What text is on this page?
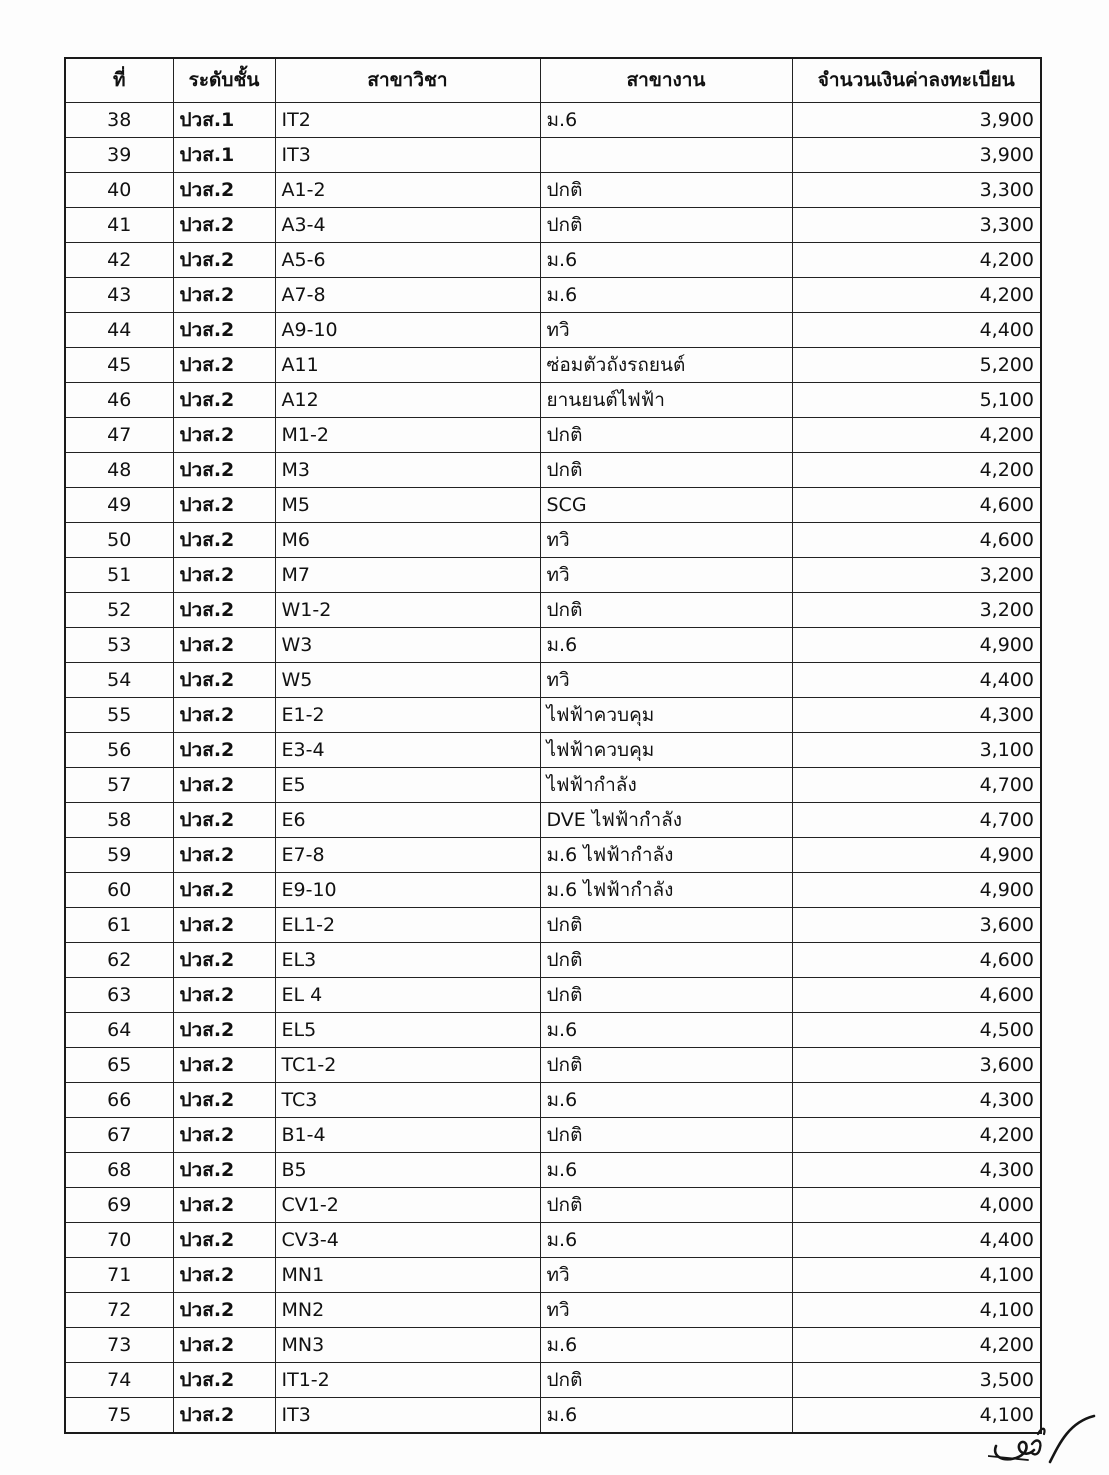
ที่	ระดับชั้น	สาขาวิชา	สาขางาน	จำนวนเงินค่าลงทะเบียน
38	ปวส.1	IT2	ม.6	3,900
39	ปวส.1	IT3		3,900
40	ปวส.2	A1-2	ปกติ	3,300
41	ปวส.2	A3-4	ปกติ	3,300
42	ปวส.2	A5-6	ม.6	4,200
43	ปวส.2	A7-8	ม.6	4,200
44	ปวส.2	A9-10	ทวิ	4,400
45	ปวส.2	A11	ซ่อมตัวถังรถยนต์	5,200
46	ปวส.2	A12	ยานยนต์ไฟฟ้า	5,100
47	ปวส.2	M1-2	ปกติ	4,200
48	ปวส.2	M3	ปกติ	4,200
49	ปวส.2	M5	SCG	4,600
50	ปวส.2	M6	ทวิ	4,600
51	ปวส.2	M7	ทวิ	3,200
52	ปวส.2	W1-2	ปกติ	3,200
53	ปวส.2	W3	ม.6	4,900
54	ปวส.2	W5	ทวิ	4,400
55	ปวส.2	E1-2	ไฟฟ้าควบคุม	4,300
56	ปวส.2	E3-4	ไฟฟ้าควบคุม	3,100
57	ปวส.2	E5	ไฟฟ้ากำลัง	4,700
58	ปวส.2	E6	DVE ไฟฟ้ากำลัง	4,700
59	ปวส.2	E7-8	ม.6 ไฟฟ้ากำลัง	4,900
60	ปวส.2	E9-10	ม.6 ไฟฟ้ากำลัง	4,900
61	ปวส.2	EL1-2	ปกติ	3,600
62	ปวส.2	EL3	ปกติ	4,600
63	ปวส.2	EL 4	ปกติ	4,600
64	ปวส.2	EL5	ม.6	4,500
65	ปวส.2	TC1-2	ปกติ	3,600
66	ปวส.2	TC3	ม.6	4,300
67	ปวส.2	B1-4	ปกติ	4,200
68	ปวส.2	B5	ม.6	4,300
69	ปวส.2	CV1-2	ปกติ	4,000
70	ปวส.2	CV3-4	ม.6	4,400
71	ปวส.2	MN1	ทวิ	4,100
72	ปวส.2	MN2	ทวิ	4,100
73	ปวส.2	MN3	ม.6	4,200
74	ปวส.2	IT1-2	ปกติ	3,500
75	ปวส.2	IT3	ม.6	4,100
